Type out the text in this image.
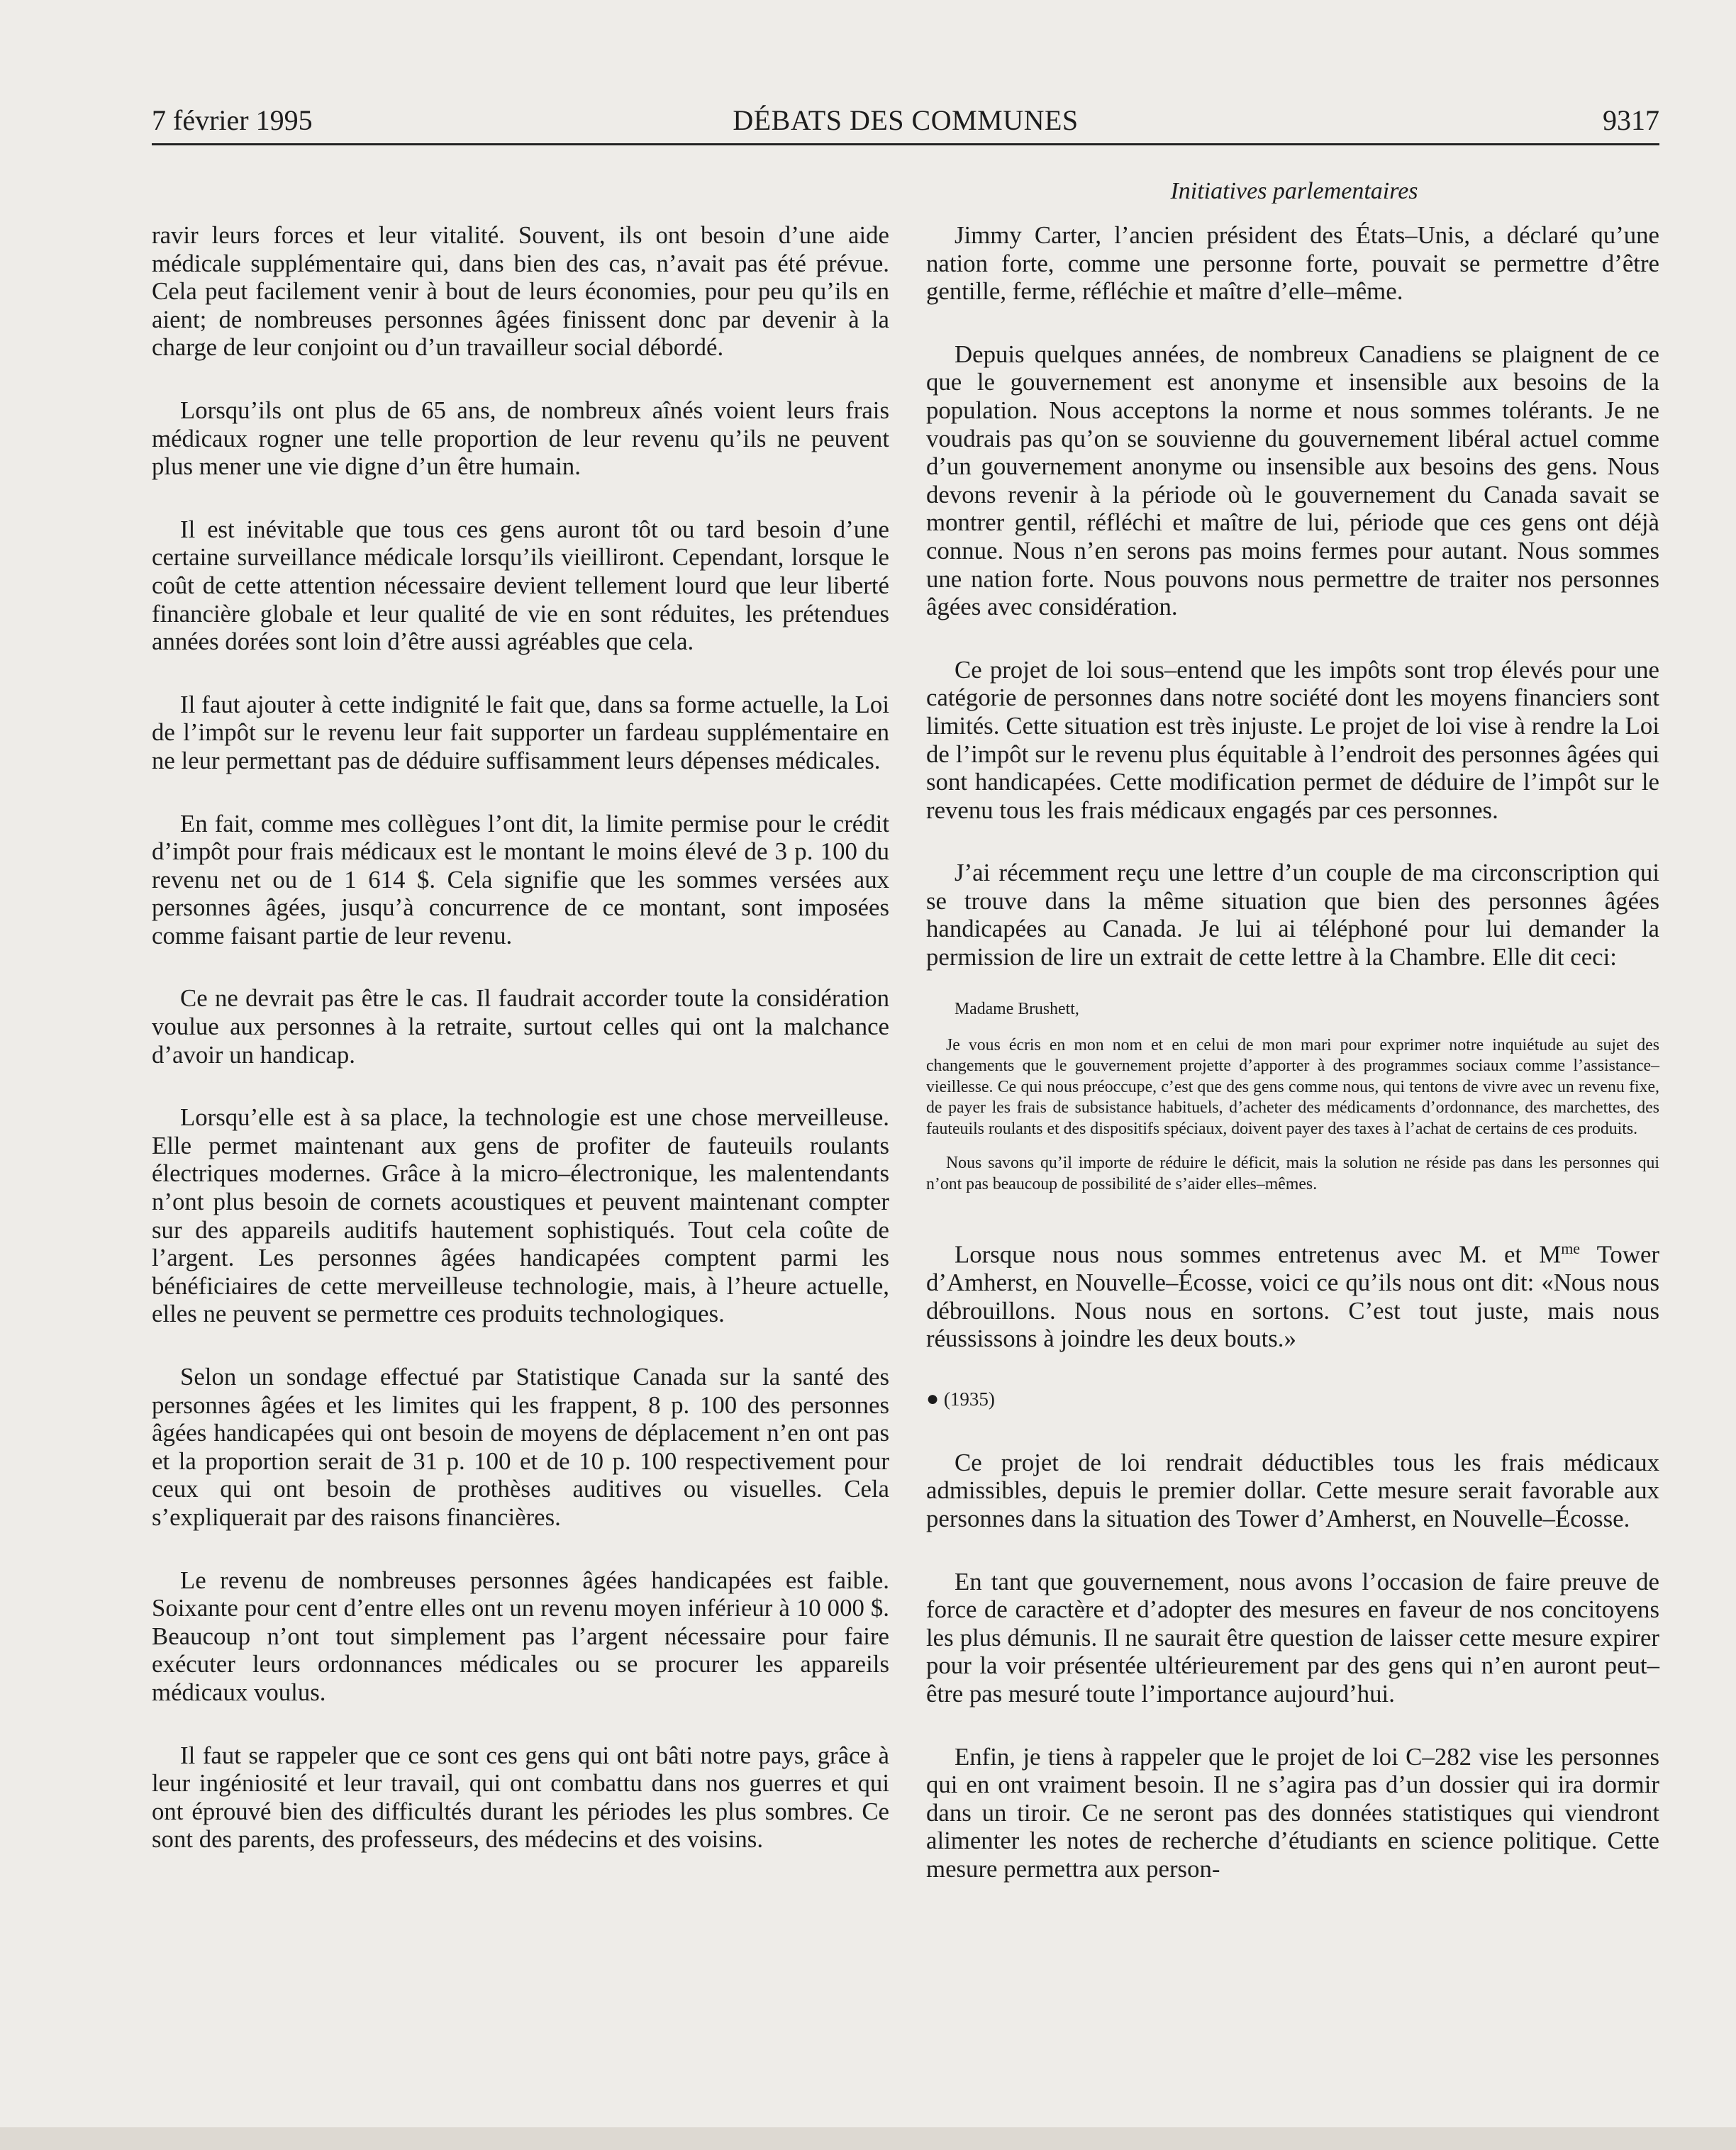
7 février 1995	DÉBATS DES COMMUNES	9317
Initiatives parlementaires

ravir leurs forces et leur vitalité. Souvent, ils ont besoin d’une aide médicale supplémentaire qui, dans bien des cas, n’avait pas été prévue. Cela peut facilement venir à bout de leurs économies, pour peu qu’ils en aient; de nombreuses personnes âgées finissent donc par devenir à la charge de leur conjoint ou d’un travailleur social débordé.

Lorsqu’ils ont plus de 65 ans, de nombreux aînés voient leurs frais médicaux rogner une telle proportion de leur revenu qu’ils ne peuvent plus mener une vie digne d’un être humain.

Il est inévitable que tous ces gens auront tôt ou tard besoin d’une certaine surveillance médicale lorsqu’ils vieilliront. Cependant, lorsque le coût de cette attention nécessaire devient tellement lourd que leur liberté financière globale et leur qualité de vie en sont réduites, les prétendues années dorées sont loin d’être aussi agréables que cela.

Il faut ajouter à cette indignité le fait que, dans sa forme actuelle, la Loi de l’impôt sur le revenu leur fait supporter un fardeau supplémentaire en ne leur permettant pas de déduire suffisamment leurs dépenses médicales.

En fait, comme mes collègues l’ont dit, la limite permise pour le crédit d’impôt pour frais médicaux est le montant le moins élevé de 3 p. 100 du revenu net ou de 1 614 $. Cela signifie que les sommes versées aux personnes âgées, jusqu’à concurrence de ce montant, sont imposées comme faisant partie de leur revenu.

Ce ne devrait pas être le cas. Il faudrait accorder toute la considération voulue aux personnes à la retraite, surtout celles qui ont la malchance d’avoir un handicap.

Lorsqu’elle est à sa place, la technologie est une chose merveilleuse. Elle permet maintenant aux gens de profiter de fauteuils roulants électriques modernes. Grâce à la micro–électronique, les malentendants n’ont plus besoin de cornets acoustiques et peuvent maintenant compter sur des appareils auditifs hautement sophistiqués. Tout cela coûte de l’argent. Les personnes âgées handicapées comptent parmi les bénéficiaires de cette merveilleuse technologie, mais, à l’heure actuelle, elles ne peuvent se permettre ces produits technologiques.

Selon un sondage effectué par Statistique Canada sur la santé des personnes âgées et les limites qui les frappent, 8 p. 100 des personnes âgées handicapées qui ont besoin de moyens de déplacement n’en ont pas et la proportion serait de 31 p. 100 et de 10 p. 100 respectivement pour ceux qui ont besoin de prothèses auditives ou visuelles. Cela s’expliquerait par des raisons financières.

Le revenu de nombreuses personnes âgées handicapées est faible. Soixante pour cent d’entre elles ont un revenu moyen inférieur à 10 000 $. Beaucoup n’ont tout simplement pas l’argent nécessaire pour faire exécuter leurs ordonnances médicales ou se procurer les appareils médicaux voulus.

Il faut se rappeler que ce sont ces gens qui ont bâti notre pays, grâce à leur ingéniosité et leur travail, qui ont combattu dans nos guerres et qui ont éprouvé bien des difficultés durant les périodes les plus sombres. Ce sont des parents, des professeurs, des médecins et des voisins.

Jimmy Carter, l’ancien président des États–Unis, a déclaré qu’une nation forte, comme une personne forte, pouvait se permettre d’être gentille, ferme, réfléchie et maître d’elle–même.

Depuis quelques années, de nombreux Canadiens se plaignent de ce que le gouvernement est anonyme et insensible aux besoins de la population. Nous acceptons la norme et nous sommes tolérants. Je ne voudrais pas qu’on se souvienne du gouvernement libéral actuel comme d’un gouvernement anonyme ou insensible aux besoins des gens. Nous devons revenir à la période où le gouvernement du Canada savait se montrer gentil, réfléchi et maître de lui, période que ces gens ont déjà connue. Nous n’en serons pas moins fermes pour autant. Nous sommes une nation forte. Nous pouvons nous permettre de traiter nos personnes âgées avec considération.

Ce projet de loi sous–entend que les impôts sont trop élevés pour une catégorie de personnes dans notre société dont les moyens financiers sont limités. Cette situation est très injuste. Le projet de loi vise à rendre la Loi de l’impôt sur le revenu plus équitable à l’endroit des personnes âgées qui sont handicapées. Cette modification permet de déduire de l’impôt sur le revenu tous les frais médicaux engagés par ces personnes.

J’ai récemment reçu une lettre d’un couple de ma circonscription qui se trouve dans la même situation que bien des personnes âgées handicapées au Canada. Je lui ai téléphoné pour lui demander la permission de lire un extrait de cette lettre à la Chambre. Elle dit ceci:

Madame Brushett,

Je vous écris en mon nom et en celui de mon mari pour exprimer notre inquiétude au sujet des changements que le gouvernement projette d’apporter à des programmes sociaux comme l’assistance–vieillesse. Ce qui nous préoccupe, c’est que des gens comme nous, qui tentons de vivre avec un revenu fixe, de payer les frais de subsistance habituels, d’acheter des médicaments d’ordonnance, des marchettes, des fauteuils roulants et des dispositifs spéciaux, doivent payer des taxes à l’achat de certains de ces produits.

Nous savons qu’il importe de réduire le déficit, mais la solution ne réside pas dans les personnes qui n’ont pas beaucoup de possibilité de s’aider elles–mêmes.

Lorsque nous nous sommes entretenus avec M. et $M^{me}$ Tower d’Amherst, en Nouvelle–Écosse, voici ce qu’ils nous ont dit: «Nous nous débrouillons. Nous nous en sortons. C’est tout juste, mais nous réussissons à joindre les deux bouts.»

● (1935)

Ce projet de loi rendrait déductibles tous les frais médicaux admissibles, depuis le premier dollar. Cette mesure serait favorable aux personnes dans la situation des Tower d’Amherst, en Nouvelle–Écosse.

En tant que gouvernement, nous avons l’occasion de faire preuve de force de caractère et d’adopter des mesures en faveur de nos concitoyens les plus démunis. Il ne saurait être question de laisser cette mesure expirer pour la voir présentée ultérieurement par des gens qui n’en auront peut–être pas mesuré toute l’importance aujourd’hui.

Enfin, je tiens à rappeler que le projet de loi C–282 vise les personnes qui en ont vraiment besoin. Il ne s’agira pas d’un dossier qui ira dormir dans un tiroir. Ce ne seront pas des données statistiques qui viendront alimenter les notes de recherche d’étudiants en science politique. Cette mesure permettra aux person-
